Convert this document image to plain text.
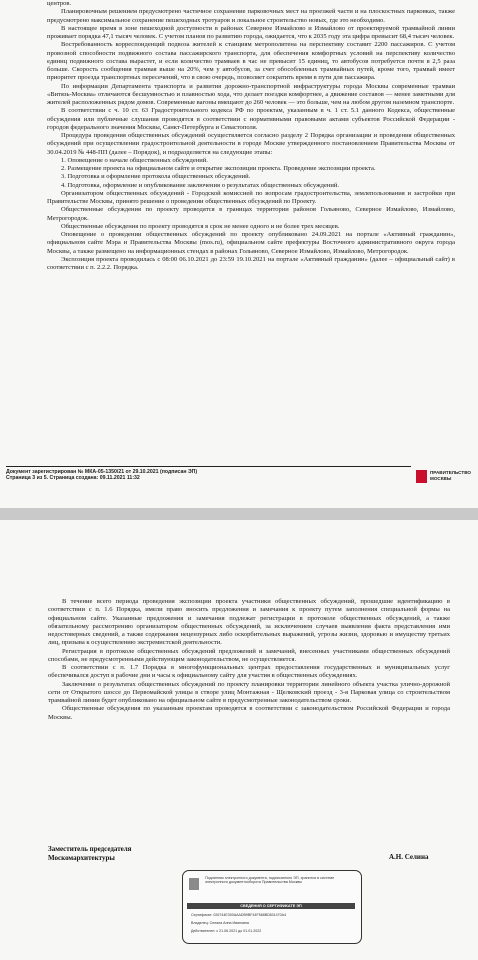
центров.

Планировочным решением предусмотрено частичное сохранение парковочных мест на проезжей части и на плоскостных парковках, также предусмотрено максимальное сохранение пешеходных тротуаров и локальное строительство новых, где это необходимо.

В настоящее время в зоне пешеходной доступности в районах Северное Измайлово и Измайлово от проектируемой трамвайной линии проживает порядка 47,1 тысяч человек. С учетом планов по развитию города, ожидается, что к 2035 году эта цифра превысит 68,4 тысяч человек.

Востребованность корреспонденций подвоза жителей к станциям метрополитена на перспективу составит 2200 пассажиров. С учетом провозной способности подвижного состава пассажирского транспорта, для обеспечения комфортных условий на перспективу количество единиц подвижного состава вырастет, и если количество трамваев в час не превысит 15 единиц, то автобусов потребуется почти в 2,5 раза больше. Скорость сообщения трамвая выше на 20%, чем у автобусов, за счет обособленных трамвайных путей, кроме того, трамвай имеет приоритет проезда транспортных пересечений, что в свою очередь, позволяет сократить время в пути для пассажира.

По информации Департамента транспорта и развития дорожно-транспортной инфраструктуры города Москвы современные трамваи «Витязь-Москва» отличаются бесшумностью и плавностью хода, что делает поездки комфортнее, а движение составов — менее заметными для жителей расположенных рядом домов. Современные вагоны вмещают до 260 человек — это больше, чем на любом другом наземном транспорте.

В соответствии с ч. 10 ст. 63 Градостроительного кодекса РФ по проектам, указанным в ч. 1 ст. 5.1 данного Кодекса, общественные обсуждения или публичные слушания проводятся в соответствии с нормативными правовыми актами субъектов Российской Федерации - городов федерального значения Москвы, Санкт-Петербурга и Севастополя.

Процедура проведения общественных обсуждений осуществляется согласно разделу 2 Порядка организации и проведения общественных обсуждений при осуществлении градостроительной деятельности в городе Москве утвержденного постановлением Правительства Москвы от 30.04.2019 № 448-ПП (далее – Порядок), и подразделяется на следующие этапы:

1. Оповещение о начале общественных обсуждений.

2. Размещение проекта на официальном сайте и открытие экспозиции проекта. Проведение экспозиции проекта.

3. Подготовка и оформление протокола общественных обсуждений.

4. Подготовка, оформление и опубликование заключения о результатах общественных обсуждений.

Организатором общественных обсуждений - Городской комиссией по вопросам градостроительства, землепользования и застройки при Правительстве Москвы, принято решение о проведении общественных обсуждений по Проекту.

Общественные обсуждения по проекту проводятся в границах территории районов Гольяново, Северное Измайлово, Измайлово, Метрогородок.

Общественные обсуждения по проекту проводятся в срок не менее одного и не более трех месяцев.

Оповещение о проведении общественных обсуждений по проекту опубликовано 24.09.2021 на портале «Активный гражданин», официальном сайте Мэра и Правительства Москвы (mos.ru), официальном сайте префектуры Восточного административного округа города Москвы, а также размещено на информационных стендах в районах Гольяново, Северное Измайлово, Измайлово, Метрогородок.

Экспозиция проекта проводилась с 08:00 06.10.2021 до 23:59 19.10.2021 на портале «Активный гражданин» (далее – официальный сайт) в соответствии с п. 2.2.2. Порядка.

Документ зарегистрирован № МКА-05-1350/21 от 29.10.2021 (подписан ЭП)
Страница 3 из 5. Страница создана: 09.11.2021 11:32
ПРАВИТЕЛЬСТВО
МОСКВЫ

В течение всего периода проведения экспозиции проекта участники общественных обсуждений, прошедшие идентификацию в соответствии с п. 1.6 Порядка, имели право вносить предложения и замечания к проекту путем заполнения специальной формы на официальном сайте. Указанные предложения и замечания подлежат регистрации в протоколе общественных обсуждений, а также обязательному рассмотрению организатором общественных обсуждений, за исключением случаев выявления факта представления ими недостоверных сведений, а также содержания нецензурных либо оскорбительных выражений, угрозы жизни, здоровью и имуществу третьих лиц, призыва к осуществлению экстремистской деятельности.

Регистрация в протоколе общественных обсуждений предложений и замечаний, внесенных участниками общественных обсуждений способами, не предусмотренными действующим законодательством, не осуществляется.

В соответствии с п. 1.7 Порядка в многофункциональных центрах предоставления государственных и муниципальных услуг обеспечивался доступ в рабочие дни и часы к официальному сайту для участия в общественных обсуждениях.

Заключение о результатах общественных обсуждений по проекту планировки территории линейного объекта участка улично-дорожной сети от Открытого шоссе до Первомайской улицы в створе улиц Монтажная - Щелковский проезд - 3-я Парковая улица со строительством трамвайной линии будет опубликовано на официальном сайте в предусмотренные законодательством сроки.

Общественные обсуждения по указанным проектам проводятся в соответствии с законодательством Российской Федерации и города Москвы.

Заместитель председателя
Москомархитектуры	А.Н. Селина
Подлинник электронного документа, подписанного ЭП, хранится в системе электронного документооборота Правительства Москвы
СВЕДЕНИЯ О СЕРТИФИКАТЕ ЭП
Сертификат: 026744E300AAADB9BF44F568BD831470A4
Владелец: Селина Анна Ивановна
Действителен: с 21.06.2021 до 01.01.2022
